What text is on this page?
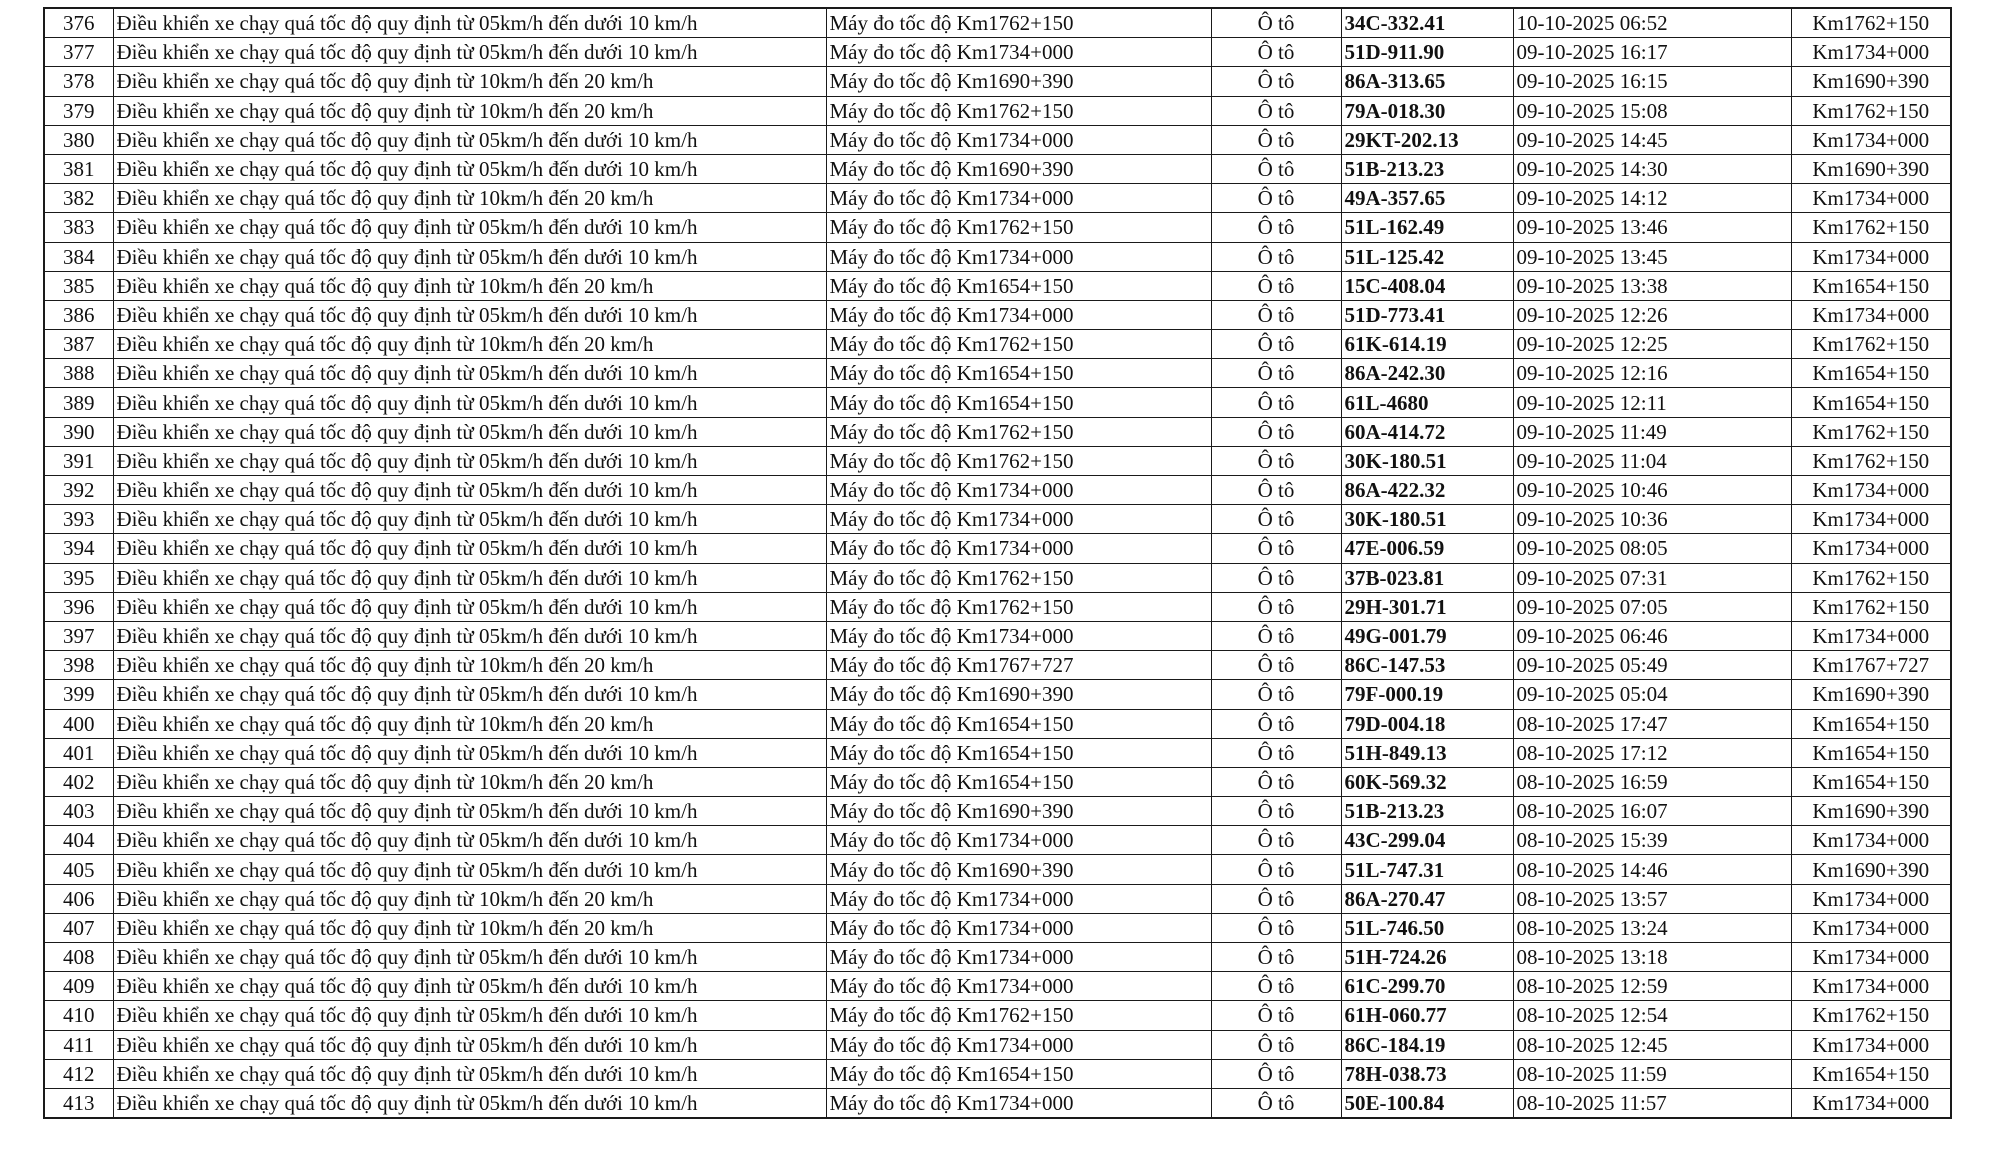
376	Điều khiển xe chạy quá tốc độ quy định từ 05km/h đến dưới 10 km/h	Máy đo tốc độ Km1762+150	Ô tô	34C-332.41	10-10-2025 06:52	Km1762+150
377	Điều khiển xe chạy quá tốc độ quy định từ 05km/h đến dưới 10 km/h	Máy đo tốc độ Km1734+000	Ô tô	51D-911.90	09-10-2025 16:17	Km1734+000
378	Điều khiển xe chạy quá tốc độ quy định từ 10km/h đến 20 km/h	Máy đo tốc độ Km1690+390	Ô tô	86A-313.65	09-10-2025 16:15	Km1690+390
379	Điều khiển xe chạy quá tốc độ quy định từ 10km/h đến 20 km/h	Máy đo tốc độ Km1762+150	Ô tô	79A-018.30	09-10-2025 15:08	Km1762+150
380	Điều khiển xe chạy quá tốc độ quy định từ 05km/h đến dưới 10 km/h	Máy đo tốc độ Km1734+000	Ô tô	29KT-202.13	09-10-2025 14:45	Km1734+000
381	Điều khiển xe chạy quá tốc độ quy định từ 05km/h đến dưới 10 km/h	Máy đo tốc độ Km1690+390	Ô tô	51B-213.23	09-10-2025 14:30	Km1690+390
382	Điều khiển xe chạy quá tốc độ quy định từ 10km/h đến 20 km/h	Máy đo tốc độ Km1734+000	Ô tô	49A-357.65	09-10-2025 14:12	Km1734+000
383	Điều khiển xe chạy quá tốc độ quy định từ 05km/h đến dưới 10 km/h	Máy đo tốc độ Km1762+150	Ô tô	51L-162.49	09-10-2025 13:46	Km1762+150
384	Điều khiển xe chạy quá tốc độ quy định từ 05km/h đến dưới 10 km/h	Máy đo tốc độ Km1734+000	Ô tô	51L-125.42	09-10-2025 13:45	Km1734+000
385	Điều khiển xe chạy quá tốc độ quy định từ 10km/h đến 20 km/h	Máy đo tốc độ Km1654+150	Ô tô	15C-408.04	09-10-2025 13:38	Km1654+150
386	Điều khiển xe chạy quá tốc độ quy định từ 05km/h đến dưới 10 km/h	Máy đo tốc độ Km1734+000	Ô tô	51D-773.41	09-10-2025 12:26	Km1734+000
387	Điều khiển xe chạy quá tốc độ quy định từ 10km/h đến 20 km/h	Máy đo tốc độ Km1762+150	Ô tô	61K-614.19	09-10-2025 12:25	Km1762+150
388	Điều khiển xe chạy quá tốc độ quy định từ 05km/h đến dưới 10 km/h	Máy đo tốc độ Km1654+150	Ô tô	86A-242.30	09-10-2025 12:16	Km1654+150
389	Điều khiển xe chạy quá tốc độ quy định từ 05km/h đến dưới 10 km/h	Máy đo tốc độ Km1654+150	Ô tô	61L-4680	09-10-2025 12:11	Km1654+150
390	Điều khiển xe chạy quá tốc độ quy định từ 05km/h đến dưới 10 km/h	Máy đo tốc độ Km1762+150	Ô tô	60A-414.72	09-10-2025 11:49	Km1762+150
391	Điều khiển xe chạy quá tốc độ quy định từ 05km/h đến dưới 10 km/h	Máy đo tốc độ Km1762+150	Ô tô	30K-180.51	09-10-2025 11:04	Km1762+150
392	Điều khiển xe chạy quá tốc độ quy định từ 05km/h đến dưới 10 km/h	Máy đo tốc độ Km1734+000	Ô tô	86A-422.32	09-10-2025 10:46	Km1734+000
393	Điều khiển xe chạy quá tốc độ quy định từ 05km/h đến dưới 10 km/h	Máy đo tốc độ Km1734+000	Ô tô	30K-180.51	09-10-2025 10:36	Km1734+000
394	Điều khiển xe chạy quá tốc độ quy định từ 05km/h đến dưới 10 km/h	Máy đo tốc độ Km1734+000	Ô tô	47E-006.59	09-10-2025 08:05	Km1734+000
395	Điều khiển xe chạy quá tốc độ quy định từ 05km/h đến dưới 10 km/h	Máy đo tốc độ Km1762+150	Ô tô	37B-023.81	09-10-2025 07:31	Km1762+150
396	Điều khiển xe chạy quá tốc độ quy định từ 05km/h đến dưới 10 km/h	Máy đo tốc độ Km1762+150	Ô tô	29H-301.71	09-10-2025 07:05	Km1762+150
397	Điều khiển xe chạy quá tốc độ quy định từ 05km/h đến dưới 10 km/h	Máy đo tốc độ Km1734+000	Ô tô	49G-001.79	09-10-2025 06:46	Km1734+000
398	Điều khiển xe chạy quá tốc độ quy định từ 10km/h đến 20 km/h	Máy đo tốc độ Km1767+727	Ô tô	86C-147.53	09-10-2025 05:49	Km1767+727
399	Điều khiển xe chạy quá tốc độ quy định từ 05km/h đến dưới 10 km/h	Máy đo tốc độ Km1690+390	Ô tô	79F-000.19	09-10-2025 05:04	Km1690+390
400	Điều khiển xe chạy quá tốc độ quy định từ 10km/h đến 20 km/h	Máy đo tốc độ Km1654+150	Ô tô	79D-004.18	08-10-2025 17:47	Km1654+150
401	Điều khiển xe chạy quá tốc độ quy định từ 05km/h đến dưới 10 km/h	Máy đo tốc độ Km1654+150	Ô tô	51H-849.13	08-10-2025 17:12	Km1654+150
402	Điều khiển xe chạy quá tốc độ quy định từ 10km/h đến 20 km/h	Máy đo tốc độ Km1654+150	Ô tô	60K-569.32	08-10-2025 16:59	Km1654+150
403	Điều khiển xe chạy quá tốc độ quy định từ 05km/h đến dưới 10 km/h	Máy đo tốc độ Km1690+390	Ô tô	51B-213.23	08-10-2025 16:07	Km1690+390
404	Điều khiển xe chạy quá tốc độ quy định từ 05km/h đến dưới 10 km/h	Máy đo tốc độ Km1734+000	Ô tô	43C-299.04	08-10-2025 15:39	Km1734+000
405	Điều khiển xe chạy quá tốc độ quy định từ 05km/h đến dưới 10 km/h	Máy đo tốc độ Km1690+390	Ô tô	51L-747.31	08-10-2025 14:46	Km1690+390
406	Điều khiển xe chạy quá tốc độ quy định từ 10km/h đến 20 km/h	Máy đo tốc độ Km1734+000	Ô tô	86A-270.47	08-10-2025 13:57	Km1734+000
407	Điều khiển xe chạy quá tốc độ quy định từ 10km/h đến 20 km/h	Máy đo tốc độ Km1734+000	Ô tô	51L-746.50	08-10-2025 13:24	Km1734+000
408	Điều khiển xe chạy quá tốc độ quy định từ 05km/h đến dưới 10 km/h	Máy đo tốc độ Km1734+000	Ô tô	51H-724.26	08-10-2025 13:18	Km1734+000
409	Điều khiển xe chạy quá tốc độ quy định từ 05km/h đến dưới 10 km/h	Máy đo tốc độ Km1734+000	Ô tô	61C-299.70	08-10-2025 12:59	Km1734+000
410	Điều khiển xe chạy quá tốc độ quy định từ 05km/h đến dưới 10 km/h	Máy đo tốc độ Km1762+150	Ô tô	61H-060.77	08-10-2025 12:54	Km1762+150
411	Điều khiển xe chạy quá tốc độ quy định từ 05km/h đến dưới 10 km/h	Máy đo tốc độ Km1734+000	Ô tô	86C-184.19	08-10-2025 12:45	Km1734+000
412	Điều khiển xe chạy quá tốc độ quy định từ 05km/h đến dưới 10 km/h	Máy đo tốc độ Km1654+150	Ô tô	78H-038.73	08-10-2025 11:59	Km1654+150
413	Điều khiển xe chạy quá tốc độ quy định từ 05km/h đến dưới 10 km/h	Máy đo tốc độ Km1734+000	Ô tô	50E-100.84	08-10-2025 11:57	Km1734+000
